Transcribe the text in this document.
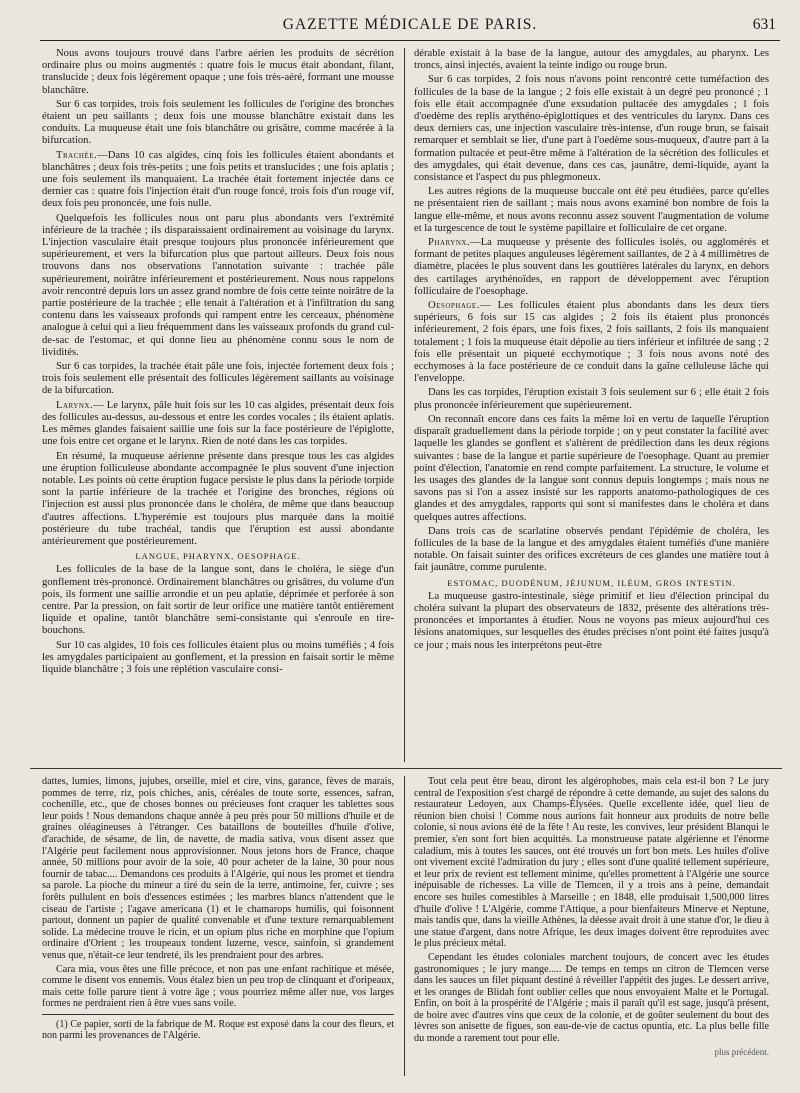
GAZETTE MÉDICALE DE PARIS.	631

Nous avons toujours trouvé dans l'arbre aérien les produits de sécrétion ordinaire plus ou moins augmentés : quatre fois le mucus était abondant, filant, translucide ; deux fois légèrement opaque ; une fois très-aéré, formant une mousse blanchâtre.

Sur 6 cas torpides, trois fois seulement les follicules de l'origine des bronches étaient un peu saillants ; deux fois une mousse blanchâtre existait dans les conduits. La muqueuse était une fois blanchâtre ou grisâtre, comme macérée à la bifurcation.

Trachée.—Dans 10 cas algides, cinq fois les follicules étaient abondants et blanchâtres ; deux fois très-petits ; une fois petits et translucides ; une fois aplatis ; une fois seulement ils manquaient. La trachée était fortement injectée dans ce dernier cas : quatre fois l'injection était d'un rouge foncé, trois fois d'un rouge vif, deux fois peu prononcée, une fois nulle.

Quelquefois les follicules nous ont paru plus abondants vers l'extrémité inférieure de la trachée ; ils disparaissaient ordinairement au voisinage du larynx. L'injection vasculaire était presque toujours plus prononcée inférieurement que supérieurement, et vers la bifurcation plus que partout ailleurs. Deux fois nous trouvons dans nos observations l'annotation suivante : trachée pâle supérieurement, noirâtre inférieurement et postérieurement. Nous nous rappelons avoir rencontré depuis lors un assez grand nombre de fois cette teinte noirâtre de la partie postérieure de la trachée ; elle tenait à l'altération et à l'infiltration du sang contenu dans les vaisseaux profonds qui rampent entre les cerceaux, phénomène analogue à celui qui a lieu fréquemment dans les vaisseaux profonds du grand cul-de-sac de l'estomac, et qui donne lieu au phénomène connu sous le nom de lividités.

Sur 6 cas torpides, la trachée était pâle une fois, injectée fortement deux fois ; trois fois seulement elle présentait des follicules légèrement saillants au voisinage de la bifurcation.

Larynx.— Le larynx, pâle huit fois sur les 10 cas algides, présentait deux fois des follicules au-dessus, au-dessous et entre les cordes vocales ; ils étaient aplatis. Les mêmes glandes faisaient saillie une fois sur la face postérieure de l'épiglotte, une fois entre cet organe et le larynx. Rien de noté dans les cas torpides.

En résumé, la muqueuse aérienne présente dans presque tous les cas algides une éruption folliculeuse abondante accompagnée le plus souvent d'une injection notable. Les points où cette éruption fugace persiste le plus dans la période torpide sont la partie inférieure de la trachée et l'origine des bronches, régions où l'injection est aussi plus prononcée dans le choléra, de même que dans beaucoup d'autres affections. L'hyperémie est toujours plus marquée dans la moitié postérieure du tube trachéal, tandis que l'éruption est aussi abondante antérieurement que postérieurement.

LANGUE, PHARYNX, OESOPHAGE.

Les follicules de la base de la langue sont, dans le choléra, le siège d'un gonflement très-prononcé. Ordinairement blanchâtres ou grisâtres, du volume d'un pois, ils forment une saillie arrondie et un peu aplatie, déprimée et perforée à son centre. Par la pression, on fait sortir de leur orifice une matière tantôt entièrement liquide et opaline, tantôt blanchâtre semi-consistante qui s'enroule en tire-bouchons.

Sur 10 cas algides, 10 fois ces follicules étaient plus ou moins tuméfiés ; 4 fois les amygdales participaient au gonflement, et la pression en faisait sortir le même liquide blanchâtre ; 3 fois une réplétion vasculaire consi-

dérable existait à la base de la langue, autour des amygdales, au pharynx. Les troncs, ainsi injectés, avaient la teinte indigo ou rouge brun.

Sur 6 cas torpides, 2 fois nous n'avons point rencontré cette tuméfaction des follicules de la base de la langue ; 2 fois elle existait à un degré peu prononcé ; 1 fois elle était accompagnée d'une exsudation pultacée des amygdales ; 1 fois d'oedème des replis arythéno-épiglottiques et des ventricules du larynx. Dans ces deux derniers cas, une injection vasculaire très-intense, d'un rouge brun, se faisait remarquer et semblait se lier, d'une part à l'oedème sous-muqueux, d'autre part à la formation pultacée et peut-être même à l'altération de la sécrétion des follicules et des amygdales, qui était devenue, dans ces cas, jaunâtre, demi-liquide, ayant la consistance et l'aspect du pus phlegmoneux.

Les autres régions de la muqueuse buccale ont été peu étudiées, parce qu'elles ne présentaient rien de saillant ; mais nous avons examiné bon nombre de fois la langue elle-même, et nous avons reconnu assez souvent l'augmentation de volume et la turgescence de tout le système papillaire et folliculaire de cet organe.

Pharynx.—La muqueuse y présente des follicules isolés, ou agglomérés et formant de petites plaques anguleuses légèrement saillantes, de 2 à 4 millimètres de diamètre, placées le plus souvent dans les gouttières latérales du larynx, en dehors des cartilages arythénoïdes, en rapport de développement avec l'éruption folliculaire de l'oesophage.

Oesophage.— Les follicules étaient plus abondants dans les deux tiers supérieurs, 6 fois sur 15 cas algides ; 2 fois ils étaient plus prononcés inférieurement, 2 fois épars, une fois fixes, 2 fois saillants, 2 fois ils manquaient totalement ; 1 fois la muqueuse était dépolie au tiers inférieur et infiltrée de sang ; 2 fois elle présentait un piqueté ecchymotique ; 3 fois nous avons noté des ecchymoses à la face postérieure de ce conduit dans la gaîne celluleuse lâche qui l'enveloppe.

Dans les cas torpides, l'éruption existait 3 fois seulement sur 6 ; elle était 2 fois plus prononcée inférieurement que supérieurement.

On reconnaît encore dans ces faits la même loi en vertu de laquelle l'éruption disparaît graduellement dans la période torpide ; on y peut constater la facilité avec laquelle les glandes se gonflent et s'altèrent de prédilection dans les deux régions suivantes : base de la langue et partie supérieure de l'oesophage. Quant au premier point d'élection, l'anatomie en rend compte parfaitement. La structure, le volume et les usages des glandes de la langue sont connus depuis longtemps ; mais nous ne savons pas si l'on a assez insisté sur les rapports anatomo-pathologiques de ces glandes et des amygdales, rapports qui sont si manifestes dans le choléra et dans quelques autres affections.

Dans trois cas de scarlatine observés pendant l'épidémie de choléra, les follicules de la base de la langue et des amygdales étaient tuméfiés d'une manière notable. On faisait suinter des orifices excréteurs de ces glandes une matière tout à fait jaunâtre, comme purulente.

ESTOMAC, DUODÉNUM, JÉJUNUM, ILÉUM, GROS INTESTIN.

La muqueuse gastro-intestinale, siège primitif et lieu d'élection principal du choléra suivant la plupart des observateurs de 1832, présente des altérations très-prononcées et importantes à étudier. Nous ne voyons pas mieux aujourd'hui ces lésions anatomiques, sur lesquelles des études précises n'ont point été faites jusqu'à ce jour ; mais nous les interprétons peut-être

dattes, lumies, limons, jujubes, orseille, miel et cire, vins, garance, fèves de marais, pommes de terre, riz, pois chiches, anis, céréales de toute sorte, essences, safran, cochenille, etc., que de choses bonnes ou précieuses font craquer les tablettes sous leur poids ! Nous demandons chaque année à peu près pour 50 millions d'huile et de graines oléagineuses à l'étranger. Ces bataillons de bouteilles d'huile d'olive, d'arachide, de sésame, de lin, de navette, de madia sativa, vous disent assez que l'Algérie peut facilement nous approvisionner. Nous jetons hors de France, chaque année, 50 millions pour avoir de la soie, 40 pour acheter de la laine, 30 pour nous fournir de tabac.... Demandons ces produits à l'Algérie, qui nous les promet et tiendra sa parole. La pioche du mineur a tiré du sein de la terre, antimoine, fer, cuivre ; ses forêts pullulent en bois d'essences estimées ; les marbres blancs n'attendent que le ciseau de l'artiste ; l'agave americana (1) et le chamarops humilis, qui foisonnent partout, donnent un papier de qualité convenable et d'une texture remarquablement solide. La médecine trouve le ricin, et un opium plus riche en morphine que l'opium ordinaire d'Orient ; les troupeaux tondent luzerne, vesce, sainfoin, si grandement venus que, n'était-ce leur tendreté, ils les prendraient pour des arbres.

Cara mia, vous êtes une fille précoce, et non pas une enfant rachitique et mésée, comme le disent vos ennemis. Vous étalez bien un peu trop de clinquant et d'oripeaux, mais cette folle parure tient à votre âge ; vous pourriez même aller nue, vos larges formes ne perdraient rien à être vues sans voile.

(1) Ce papier, sorti de la fabrique de M. Roque est exposé dans la cour des fleurs, et non parmi les provenances de l'Algérie.

Tout cela peut être beau, diront les algérophobes, mais cela est-il bon ? Le jury central de l'exposition s'est chargé de répondre à cette demande, au sujet des salons du restaurateur Ledoyen, aux Champs-Élysées. Quelle excellente idée, quel lieu de réunion bien choisi ! Comme nous aurions fait honneur aux produits de notre belle colonie, si nous avions été de la fête ! Au reste, les convives, leur président Blanqui le premier, s'en sont fort bien acquittés. La monstrueuse patate algérienne et l'énorme caladium, mis à toutes les sauces, ont été trouvés un fort bon mets. Les huiles d'olive ont vivement excité l'admiration du jury ; elles sont d'une qualité tellement supérieure, et leur prix de revient est tellement minime, qu'elles promettent à l'Algérie une source inépuisable de richesses. La ville de Tlemcen, il y a trois ans à peine, demandait encore ses huiles comestibles à Marseille ; en 1848, elle produisait 1,500,000 litres d'huile d'olive ! L'Algérie, comme l'Attique, a pour bienfaiteurs Minerve et Neptune, mais tandis que, dans la vieille Athènes, la déesse avait droit à une statue d'or, le dieu à une statue d'argent, dans notre Afrique, les deux images doivent être reproduites avec le plus précieux métal.

Cependant les études coloniales marchent toujours, de concert avec les études gastronomiques ; le jury mange..... De temps en temps un citron de Tlemcen verse dans les sauces un filet piquant destiné à réveiller l'appétit des juges. Le dessert arrive, et les oranges de Blidah font oublier celles que nous envoyaient Malte et le Portugal. Enfin, on boit à la prospérité de l'Algérie ; mais il paraît qu'il est sage, jusqu'à présent, de boire avec d'autres vins que ceux de la colonie, et de goûter seulement du bout des lèvres son anisette de figues, son eau-de-vie de cactus opuntia, etc. La plus belle fille du monde a rarement tout pour elle.

plus précédent.
